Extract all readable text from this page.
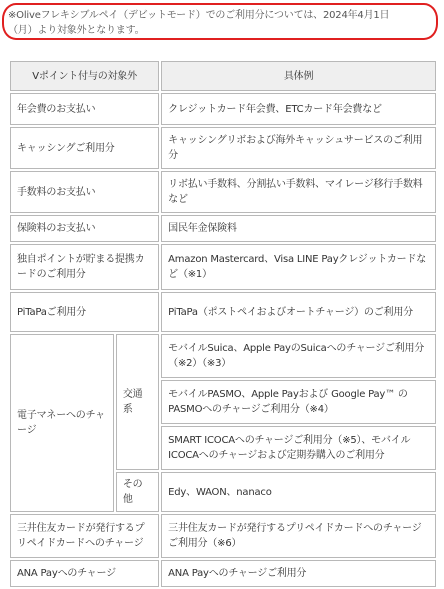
※Oliveフレキシブルペイ（デビットモード）でのご利用分については、2024年4月1日
（月）より対象外となります。
Vポイント付与の対象外		具体例
年会費のお支払い		クレジットカード年会費、ETCカード年会費など
キャッシングご利用分		キャッシングリボおよび海外キャッシュサービスのご利用分
手数料のお支払い		リボ払い手数料、分割払い手数料、マイレージ移行手数料など
保険料のお支払い		国民年金保険料
独自ポイントが貯まる提携カードのご利用分		Amazon Mastercard、Visa LINE Payクレジットカードなど（※1）
PiTaPaご利用分		PiTaPa（ポストペイおよびオートチャージ）のご利用分
電子マネーへのチャージ	交通系	モバイルSuica、Apple PayのSuicaへのチャージご利用分（※2）（※3）
		モバイルPASMO、Apple Payおよび Google Pay™ のPASMOへのチャージご利用分（※4）
		SMART ICOCAへのチャージご利用分（※5）、モバイルICOCAへのチャージおよび定期券購入のご利用分
	その他	Edy、WAON、nanaco
三井住友カードが発行するプリペイドカードへのチャージ		三井住友カードが発行するプリペイドカードへのチャージご利用分（※6）
ANA Payへのチャージ		ANA Payへのチャージご利用分
